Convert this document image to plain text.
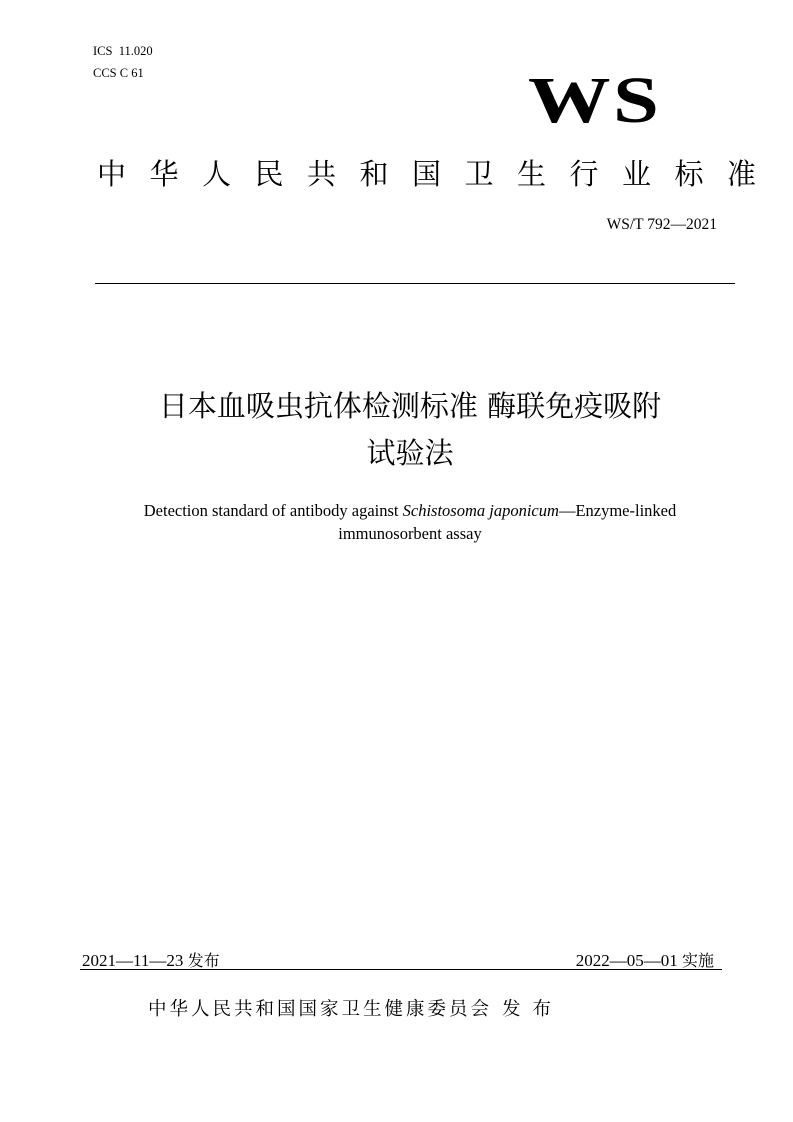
ICS  11.020
CCS C 61	WS
中华人民共和国卫生行业标准
WS/T 792—2021
日本血吸虫抗体检测标准 酶联免疫吸附
试验法
Detection standard of antibody against Schistosoma japonicum—Enzyme-linked
immunosorbent assay
2021—11—23 发布	2022—05—01 实施
中华人民共和国国家卫生健康委员会 发布
